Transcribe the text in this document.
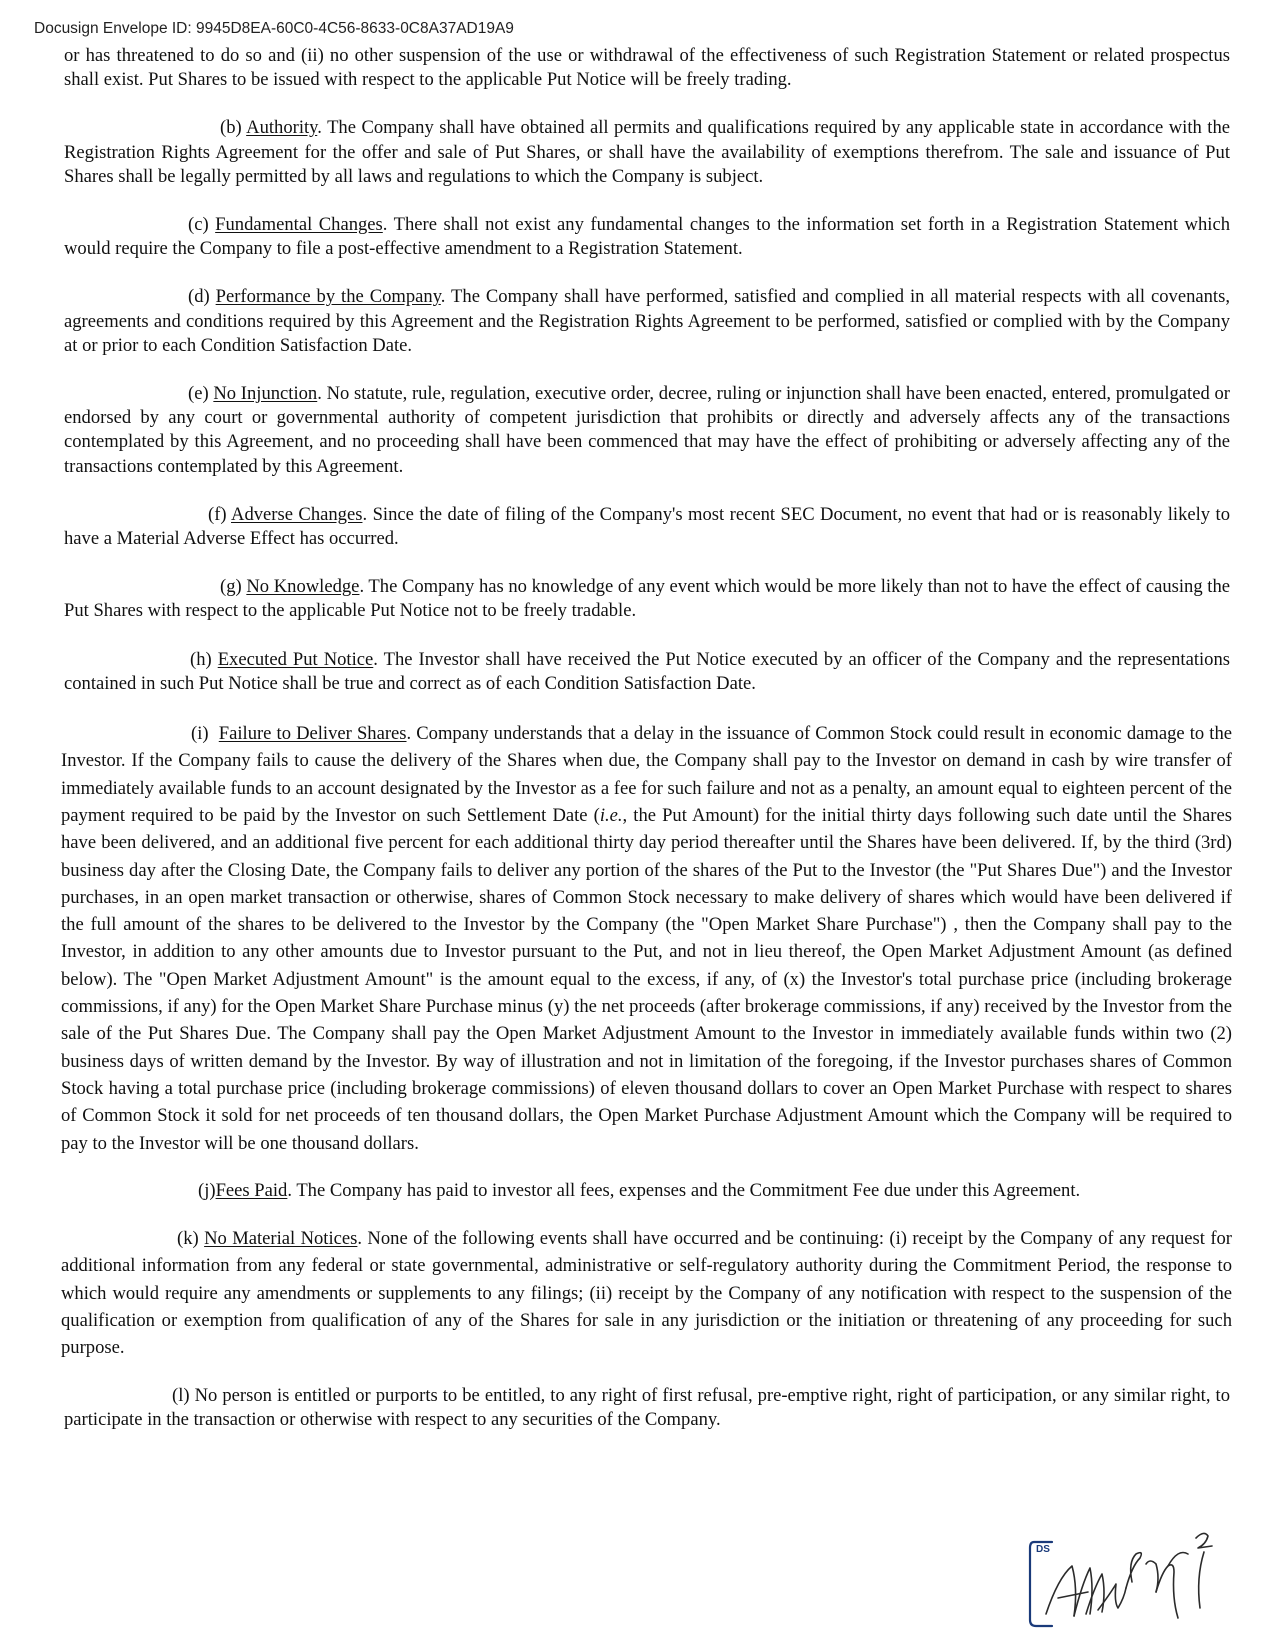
Docusign Envelope ID: 9945D8EA-60C0-4C56-8633-0C8A37AD19A9

or has threatened to do so and (ii) no other suspension of the use or withdrawal of the effectiveness of such Registration Statement or related prospectus shall exist. Put Shares to be issued with respect to the applicable Put Notice will be freely trading.

(b) Authority. The Company shall have obtained all permits and qualifications required by any applicable state in accordance with the Registration Rights Agreement for the offer and sale of Put Shares, or shall have the availability of exemptions therefrom. The sale and issuance of Put Shares shall be legally permitted by all laws and regulations to which the Company is subject.

(c) Fundamental Changes. There shall not exist any fundamental changes to the information set forth in a Registration Statement which would require the Company to file a post-effective amendment to a Registration Statement.

(d) Performance by the Company. The Company shall have performed, satisfied and complied in all material respects with all covenants, agreements and conditions required by this Agreement and the Registration Rights Agreement to be performed, satisfied or complied with by the Company at or prior to each Condition Satisfaction Date.

(e) No Injunction. No statute, rule, regulation, executive order, decree, ruling or injunction shall have been enacted, entered, promulgated or endorsed by any court or governmental authority of competent jurisdiction that prohibits or directly and adversely affects any of the transactions contemplated by this Agreement, and no proceeding shall have been commenced that may have the effect of prohibiting or adversely affecting any of the transactions contemplated by this Agreement.

(f) Adverse Changes. Since the date of filing of the Company's most recent SEC Document, no event that had or is reasonably likely to have a Material Adverse Effect has occurred.

(g) No Knowledge. The Company has no knowledge of any event which would be more likely than not to have the effect of causing the Put Shares with respect to the applicable Put Notice not to be freely tradable.

(h) Executed Put Notice. The Investor shall have received the Put Notice executed by an officer of the Company and the representations contained in such Put Notice shall be true and correct as of each Condition Satisfaction Date.

(i) Failure to Deliver Shares. Company understands that a delay in the issuance of Common Stock could result in economic damage to the Investor. If the Company fails to cause the delivery of the Shares when due, the Company shall pay to the Investor on demand in cash by wire transfer of immediately available funds to an account designated by the Investor as a fee for such failure and not as a penalty, an amount equal to eighteen percent of the payment required to be paid by the Investor on such Settlement Date (i.e., the Put Amount) for the initial thirty days following such date until the Shares have been delivered, and an additional five percent for each additional thirty day period thereafter until the Shares have been delivered. If, by the third (3rd) business day after the Closing Date, the Company fails to deliver any portion of the shares of the Put to the Investor (the "Put Shares Due") and the Investor purchases, in an open market transaction or otherwise, shares of Common Stock necessary to make delivery of shares which would have been delivered if the full amount of the shares to be delivered to the Investor by the Company (the "Open Market Share Purchase") , then the Company shall pay to the Investor, in addition to any other amounts due to Investor pursuant to the Put, and not in lieu thereof, the Open Market Adjustment Amount (as defined below). The "Open Market Adjustment Amount" is the amount equal to the excess, if any, of (x) the Investor's total purchase price (including brokerage commissions, if any) for the Open Market Share Purchase minus (y) the net proceeds (after brokerage commissions, if any) received by the Investor from the sale of the Put Shares Due. The Company shall pay the Open Market Adjustment Amount to the Investor in immediately available funds within two (2) business days of written demand by the Investor. By way of illustration and not in limitation of the foregoing, if the Investor purchases shares of Common Stock having a total purchase price (including brokerage commissions) of eleven thousand dollars to cover an Open Market Purchase with respect to shares of Common Stock it sold for net proceeds of ten thousand dollars, the Open Market Purchase Adjustment Amount which the Company will be required to pay to the Investor will be one thousand dollars.

(j)Fees Paid. The Company has paid to investor all fees, expenses and the Commitment Fee due under this Agreement.

(k) No Material Notices. None of the following events shall have occurred and be continuing: (i) receipt by the Company of any request for additional information from any federal or state governmental, administrative or self-regulatory authority during the Commitment Period, the response to which would require any amendments or supplements to any filings; (ii) receipt by the Company of any notification with respect to the suspension of the qualification or exemption from qualification of any of the Shares for sale in any jurisdiction or the initiation or threatening of any proceeding for such purpose.

(l) No person is entitled or purports to be entitled, to any right of first refusal, pre-emptive right, right of participation, or any similar right, to participate in the transaction or otherwise with respect to any securities of the Company.

DS
